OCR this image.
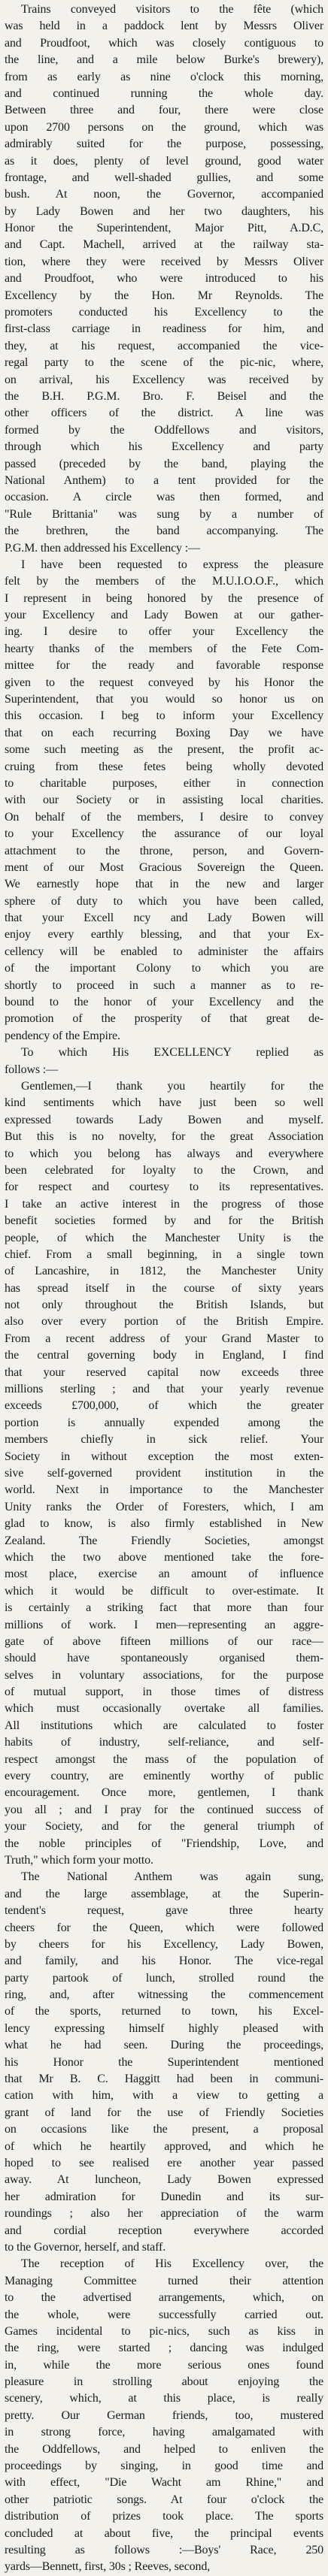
Trains conveyed visitors to the fête (which
was held in a paddock lent by Messrs Oliver
and Proudfoot, which was closely contiguous to
the line, and a mile below Burke's brewery),
from as early as nine o'clock this morning,
and continued running the whole day.
Between three and four, there were close
upon 2700 persons on the ground, which was
admirably suited for the purpose, possessing,
as it does, plenty of level ground, good water
frontage, and well-shaded gullies, and some
bush. At noon, the Governor, accompanied
by Lady Bowen and her two daughters, his
Honor the Superintendent, Major Pitt, A.D.C,
and Capt. Machell, arrived at the railway sta-
tion, where they were received by Messrs Oliver
and Proudfoot, who were introduced to his
Excellency by the Hon. Mr Reynolds. The
promoters conducted his Excellency to the
first-class carriage in readiness for him, and
they, at his request, accompanied the vice-
regal party to the scene of the pic-nic, where,
on arrival, his Excellency was received by
the B.H. P.G.M. Bro. F. Beisel and the
other officers of the district. A line was
formed by the Oddfellows and visitors,
through which his Excellency and party
passed (preceded by the band, playing the
National Anthem) to a tent provided for the
occasion. A circle was then formed, and
"Rule Brittania" was sung by a number of
the brethren, the band accompanying. The
P.G.M. then addressed his Excellency :—
I have been requested to express the pleasure
felt by the members of the M.U.I.O.O.F., which
I represent in being honored by the presence of
your Excellency and Lady Bowen at our gather-
ing. I desire to offer your Excellency the
hearty thanks of the members of the Fete Com-
mittee for the ready and favorable response
given to the request conveyed by his Honor the
Superintendent, that you would so honor us on
this occasion. I beg to inform your Excellency
that on each recurring Boxing Day we have
some such meeting as the present, the profit ac-
cruing from these fetes being wholly devoted
to charitable purposes, either in connection
with our Society or in assisting local charities.
On behalf of the members, I desire to convey
to your Excellency the assurance of our loyal
attachment to the throne, person, and Govern-
ment of our Most Gracious Sovereign the Queen.
We earnestly hope that in the new and larger
sphere of duty to which you have been called,
that your Excell ncy and Lady Bowen will
enjoy every earthly blessing, and that your Ex-
cellency will be enabled to administer the affairs
of the important Colony to which you are
shortly to proceed in such a manner as to re-
bound to the honor of your Excellency and the
promotion of the prosperity of that great de-
pendency of the Empire.
To which His EXCELLENCY replied as
follows :—
Gentlemen,—I thank you heartily for the
kind sentiments which have just been so well
expressed towards Lady Bowen and myself.
But this is no novelty, for the great Association
to which you belong has always and everywhere
been celebrated for loyalty to the Crown, and
for respect and courtesy to its representatives.
I take an active interest in the progress of those
benefit societies formed by and for the British
people, of which the Manchester Unity is the
chief. From a small beginning, in a single town
of Lancashire, in 1812, the Manchester Unity
has spread itself in the course of sixty years
not only throughout the British Islands, but
also over every portion of the British Empire.
From a recent address of your Grand Master to
the central governing body in England, I find
that your reserved capital now exceeds three
millions sterling ; and that your yearly revenue
exceeds £700,000, of which the greater
portion is annually expended among the
members chiefly in sick relief. Your
Society in without exception the most exten-
sive self-governed provident institution in the
world. Next in importance to the Manchester
Unity ranks the Order of Foresters, which, I am
glad to know, is also firmly established in New
Zealand. The Friendly Societies, amongst
which the two above mentioned take the fore-
most place, exercise an amount of influence
which it would be difficult to over-estimate. It
is certainly a striking fact that more than four
millions of work. I men—representing an aggre-
gate of above fifteen millions of our race—
should have spontaneously organised them-
selves in voluntary associations, for the purpose
of mutual support, in those times of distress
which must occasionally overtake all families.
All institutions which are calculated to foster
habits of industry, self-reliance, and self-
respect amongst the mass of the population of
every country, are eminently worthy of public
encouragement. Once more, gentlemen, I thank
you all ; and I pray for the continued success of
your Society, and for the general triumph of
the noble principles of "Friendship, Love, and
Truth," which form your motto.
The National Anthem was again sung,
and the large assemblage, at the Superin-
tendent's request, gave three hearty
cheers for the Queen, which were followed
by cheers for his Excellency, Lady Bowen,
and family, and his Honor. The vice-regal
party partook of lunch, strolled round the
ring, and, after witnessing the commencement
of the sports, returned to town, his Excel-
lency expressing himself highly pleased with
what he had seen. During the proceedings,
his Honor the Superintendent mentioned
that Mr B. C. Haggitt had been in communi-
cation with him, with a view to getting a
grant of land for the use of Friendly Societies
on occasions like the present, a proposal
of which he heartily approved, and which he
hoped to see realised ere another year passed
away. At luncheon, Lady Bowen expressed
her admiration for Dunedin and its sur-
roundings ; also her appreciation of the warm
and cordial reception everywhere accorded
to the Governor, herself, and staff.
The reception of His Excellency over, the
Managing Committee turned their attention
to the advertised arrangements, which, on
the whole, were successfully carried out.
Games incidental to pic-nics, such as kiss in
the ring, were started ; dancing was indulged
in, while the more serious ones found
pleasure in strolling about enjoying the
scenery, which, at this place, is really
pretty. Our German friends, too, mustered
in strong force, having amalgamated with
the Oddfellows, and helped to enliven the
proceedings by singing, in good time and
with effect, "Die Wacht am Rhine," and
other patriotic songs. At four o'clock the
distribution of prizes took place. The sports
concluded at about five, the principal events
resulting as follows :—Boys' Race, 250
yards—Bennett, first, 30s ; Reeves, second,
